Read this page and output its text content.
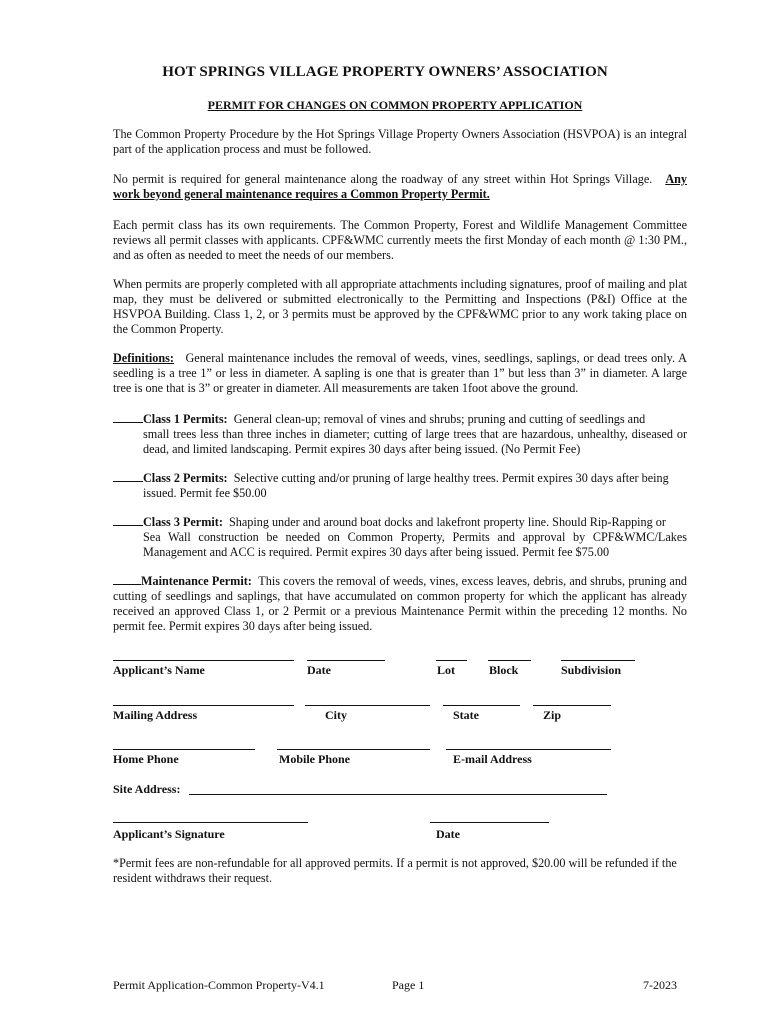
HOT SPRINGS VILLAGE PROPERTY OWNERS’ ASSOCIATION
PERMIT FOR CHANGES ON COMMON PROPERTY APPLICATION

The Common Property Procedure by the Hot Springs Village Property Owners Association (HSVPOA) is an integral part of the application process and must be followed.

No permit is required for general maintenance along the roadway of any street within Hot Springs Village. Any work beyond general maintenance requires a Common Property Permit.

Each permit class has its own requirements. The Common Property, Forest and Wildlife Management Committee reviews all permit classes with applicants. CPF&WMC currently meets the first Monday of each month @ 1:30 PM., and as often as needed to meet the needs of our members.

When permits are properly completed with all appropriate attachments including signatures, proof of mailing and plat map, they must be delivered or submitted electronically to the Permitting and Inspections (P&I) Office at the HSVPOA Building. Class 1, 2, or 3 permits must be approved by the CPF&WMC prior to any work taking place on the Common Property.

Definitions: General maintenance includes the removal of weeds, vines, seedlings, saplings, or dead trees only. A seedling is a tree 1” or less in diameter. A sapling is one that is greater than 1” but less than 3” in diameter. A large tree is one that is 3” or greater in diameter. All measurements are taken 1foot above the ground.

Class 1 Permits: General clean-up; removal of vines and shrubs; pruning and cutting of seedlings and
small trees less than three inches in diameter; cutting of large trees that are hazardous, unhealthy, diseased or dead, and limited landscaping. Permit expires 30 days after being issued. (No Permit Fee)
Class 2 Permits: Selective cutting and/or pruning of large healthy trees. Permit expires 30 days after being
issued. Permit fee $50.00
Class 3 Permit: Shaping under and around boat docks and lakefront property line. Should Rip-Rapping or
Sea Wall construction be needed on Common Property, Permits and approval by CPF&WMC/Lakes Management and ACC is required. Permit expires 30 days after being issued. Permit fee $75.00

Maintenance Permit: This covers the removal of weeds, vines, excess leaves, debris, and shrubs, pruning and cutting of seedlings and saplings, that have accumulated on common property for which the applicant has already received an approved Class 1, or 2 Permit or a previous Maintenance Permit within the preceding 12 months. No permit fee. Permit expires 30 days after being issued.

Applicant’s Name	Date	Lot	Block	Subdivision
Mailing Address	City	State	Zip
Home Phone	Mobile Phone	E-mail Address
Site Address:
Applicant’s Signature	Date

*Permit fees are non-refundable for all approved permits. If a permit is not approved, $20.00 will be refunded if the resident withdraws their request.

Permit Application-Common Property-V4.1	Page 1	7-2023
